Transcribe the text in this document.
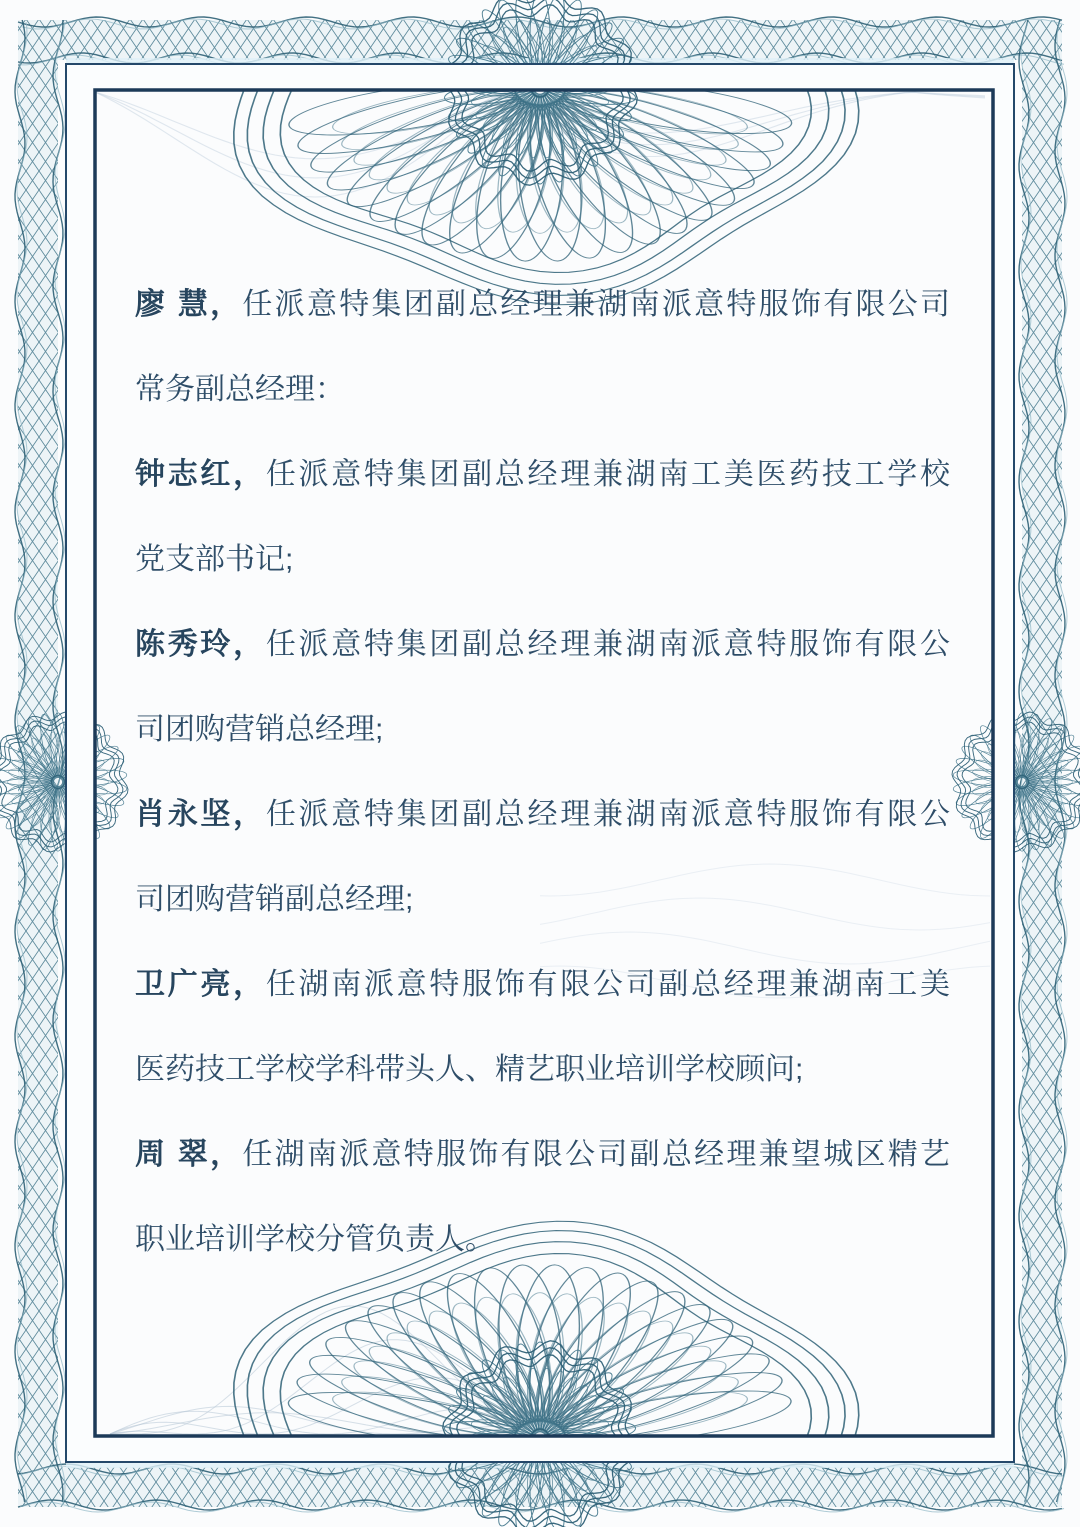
廖 慧，任派意特集团副总经理兼湖南派意特服饰有限公司
常务副总经理：
钟志红，任派意特集团副总经理兼湖南工美医药技工学校
党支部书记;
陈秀玲，任派意特集团副总经理兼湖南派意特服饰有限公
司团购营销总经理;
肖永坚，任派意特集团副总经理兼湖南派意特服饰有限公
司团购营销副总经理;
卫广亮，任湖南派意特服饰有限公司副总经理兼湖南工美
医药技工学校学科带头人、精艺职业培训学校顾问;
周 翠，任湖南派意特服饰有限公司副总经理兼望城区精艺
职业培训学校分管负责人。
